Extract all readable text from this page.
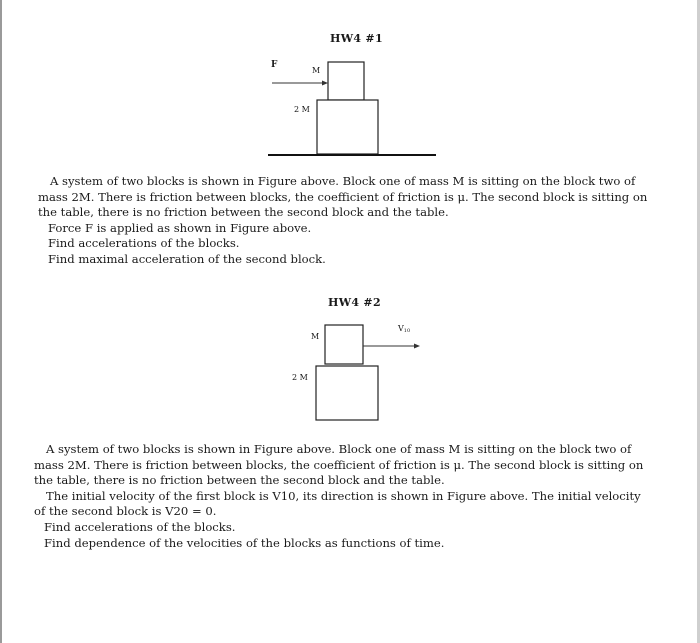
HW4 #1
F
M
2 M
A system of two blocks is shown in Figure above. Block one of mass M is sitting on the block two of
mass 2M. There is friction between blocks, the coefficient of friction is μ. The second block is sitting on
the table, there is no friction between the second block and the table.
Force F is applied as shown in Figure above.
Find accelerations of the blocks.
Find maximal acceleration of the second block.
HW4 #2
$V_{10}$
M
2 M
A system of two blocks is shown in Figure above. Block one of mass M is sitting on the block two of
mass 2M. There is friction between blocks, the coefficient of friction is μ. The second block is sitting on
the table, there is no friction between the second block and the table.
The initial velocity of the first block is V10, its direction is shown in Figure above. The initial velocity
of the second block is V20 = 0.
Find accelerations of the blocks.
Find dependence of the velocities of the blocks as functions of time.
